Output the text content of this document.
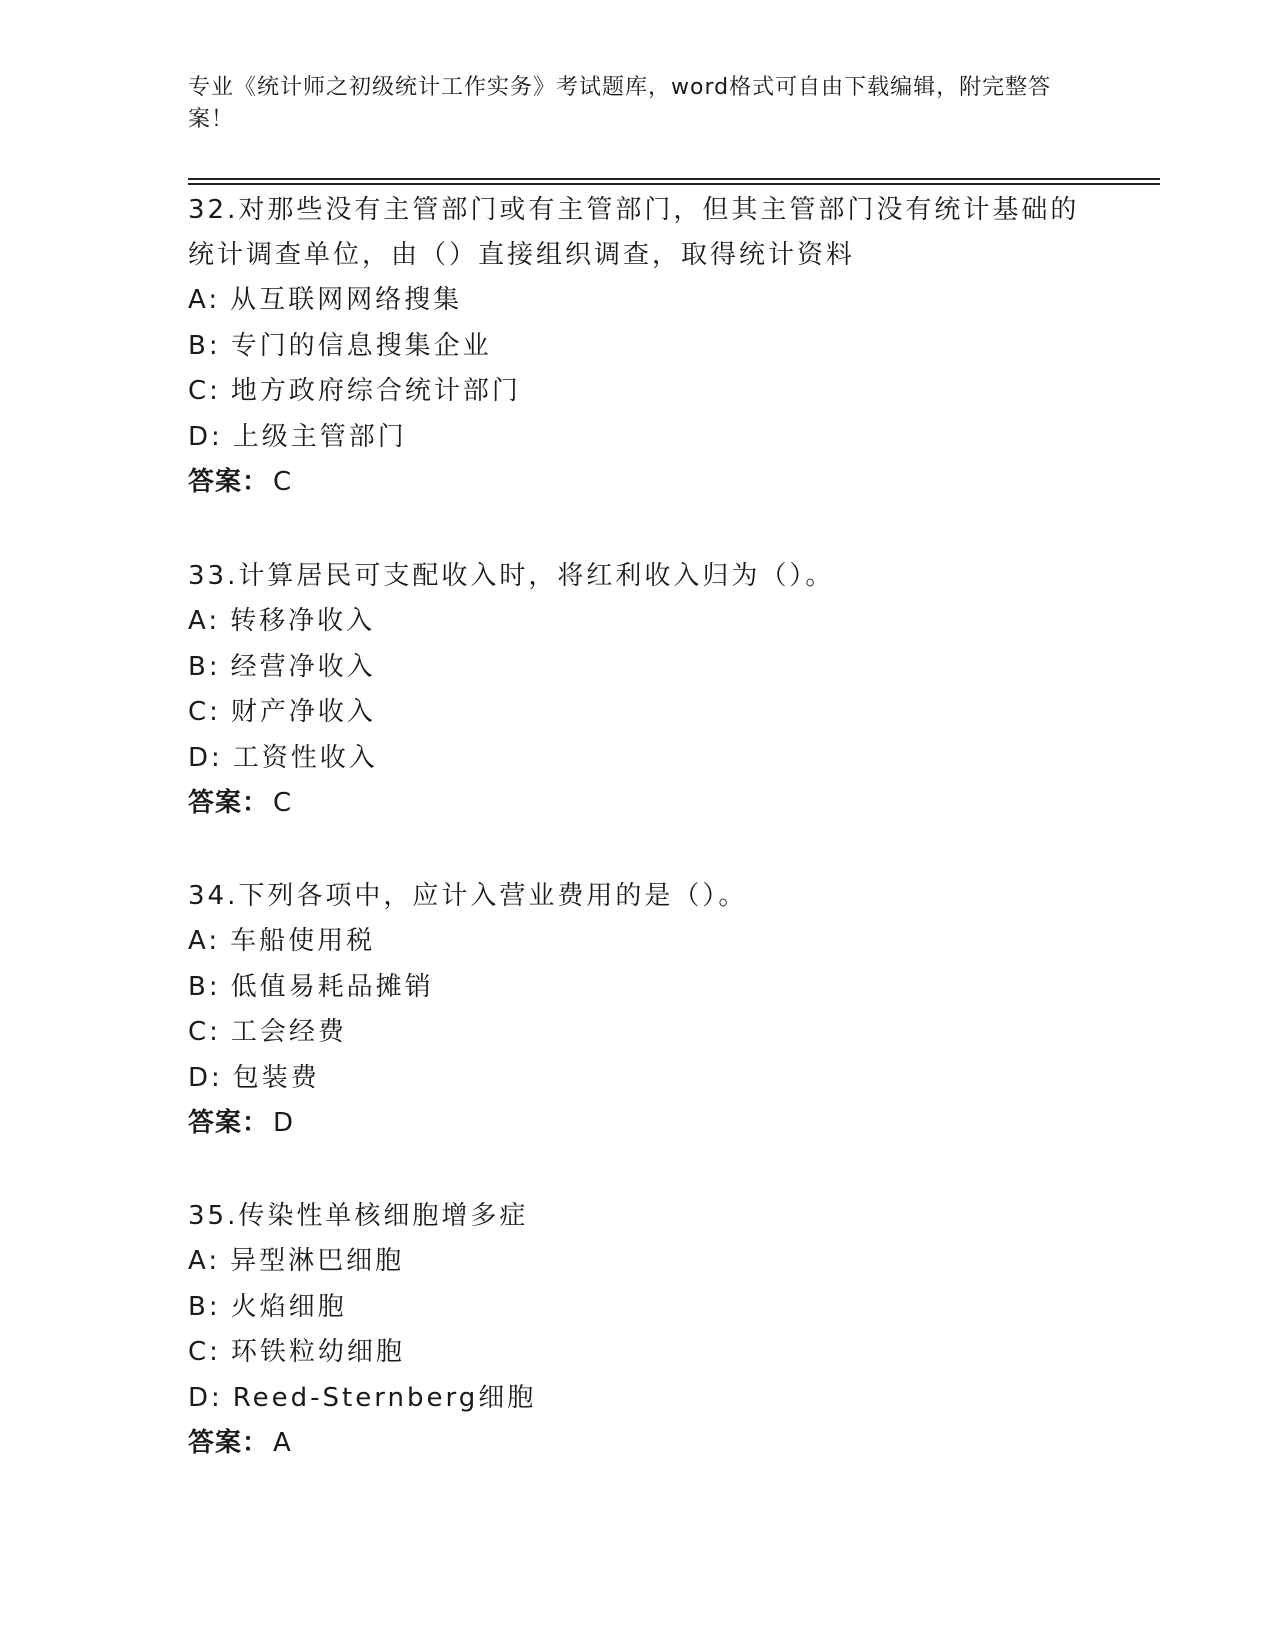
专业《统计师之初级统计工作实务》考试题库，word格式可自由下载编辑，附完整答案！
32.对那些没有主管部门或有主管部门，但其主管部门没有统计基础的统计调查单位，由（）直接组织调查，取得统计资料
A: 从互联网网络搜集
B: 专门的信息搜集企业
C: 地方政府综合统计部门
D: 上级主管部门
答案： C
33.计算居民可支配收入时，将红利收入归为（）。
A: 转移净收入
B: 经营净收入
C: 财产净收入
D: 工资性收入
答案： C
34.下列各项中，应计入营业费用的是（）。
A: 车船使用税
B: 低值易耗品摊销
C: 工会经费
D: 包装费
答案： D
35.传染性单核细胞增多症
A: 异型淋巴细胞
B: 火焰细胞
C: 环铁粒幼细胞
D: Reed-Sternberg细胞
答案： A
